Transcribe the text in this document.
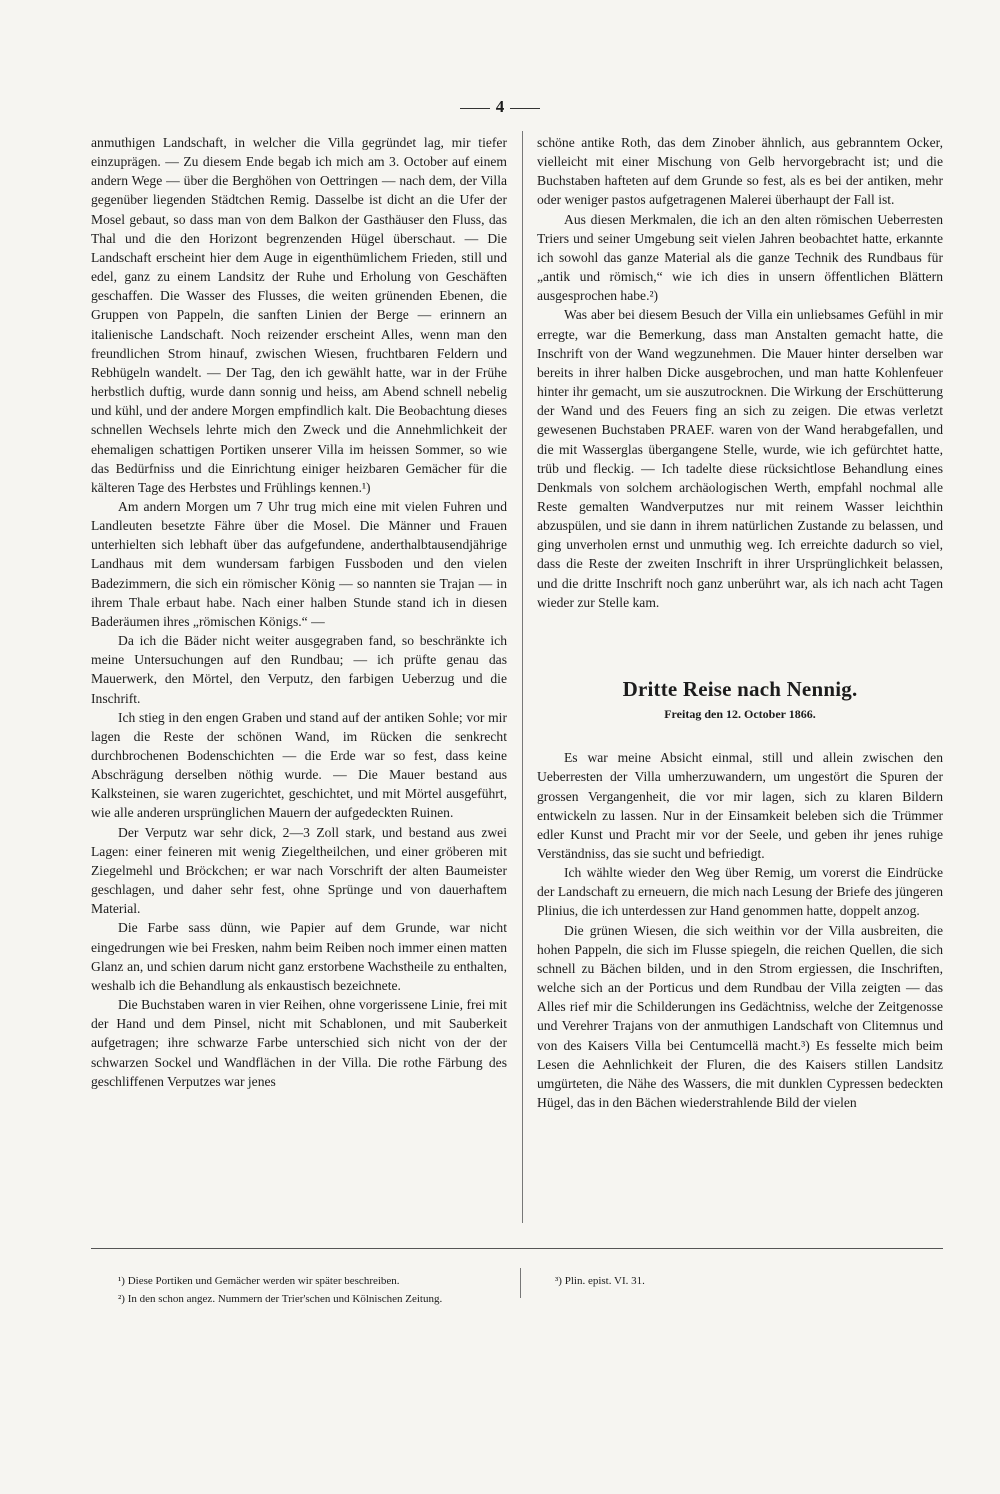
4

anmuthigen Landschaft, in welcher die Villa gegründet lag, mir tiefer einzuprägen. — Zu diesem Ende begab ich mich am 3. October auf einem andern Wege — über die Berghöhen von Oettringen — nach dem, der Villa gegenüber liegenden Städtchen Remig. Dasselbe ist dicht an die Ufer der Mosel gebaut, so dass man von dem Balkon der Gasthäuser den Fluss, das Thal und die den Horizont begrenzenden Hügel überschaut. — Die Landschaft erscheint hier dem Auge in eigenthümlichem Frieden, still und edel, ganz zu einem Landsitz der Ruhe und Erholung von Geschäften geschaffen. Die Wasser des Flusses, die weiten grünenden Ebenen, die Gruppen von Pappeln, die sanften Linien der Berge — erinnern an italienische Landschaft. Noch reizender erscheint Alles, wenn man den freundlichen Strom hinauf, zwischen Wiesen, fruchtbaren Feldern und Rebhügeln wandelt. — Der Tag, den ich gewählt hatte, war in der Frühe herbstlich duftig, wurde dann sonnig und heiss, am Abend schnell nebelig und kühl, und der andere Morgen empfindlich kalt. Die Beobachtung dieses schnellen Wechsels lehrte mich den Zweck und die Annehmlichkeit der ehemaligen schattigen Portiken unserer Villa im heissen Sommer, so wie das Bedürfniss und die Einrichtung einiger heizbaren Gemächer für die kälteren Tage des Herbstes und Frühlings kennen.¹)

Am andern Morgen um 7 Uhr trug mich eine mit vielen Fuhren und Landleuten besetzte Fähre über die Mosel. Die Männer und Frauen unterhielten sich lebhaft über das aufgefundene, anderthalbtausendjährige Landhaus mit dem wundersam farbigen Fussboden und den vielen Badezimmern, die sich ein römischer König — so nannten sie Trajan — in ihrem Thale erbaut habe. Nach einer halben Stunde stand ich in diesen Baderäumen ihres „römischen Königs.“ —

Da ich die Bäder nicht weiter ausgegraben fand, so beschränkte ich meine Untersuchungen auf den Rundbau; — ich prüfte genau das Mauerwerk, den Mörtel, den Verputz, den farbigen Ueberzug und die Inschrift.

Ich stieg in den engen Graben und stand auf der antiken Sohle; vor mir lagen die Reste der schönen Wand, im Rücken die senkrecht durchbrochenen Bodenschichten — die Erde war so fest, dass keine Abschrägung derselben nöthig wurde. — Die Mauer bestand aus Kalksteinen, sie waren zugerichtet, geschichtet, und mit Mörtel ausgeführt, wie alle anderen ursprünglichen Mauern der aufgedeckten Ruinen.

Der Verputz war sehr dick, 2—3 Zoll stark, und bestand aus zwei Lagen: einer feineren mit wenig Ziegeltheilchen, und einer gröberen mit Ziegelmehl und Bröckchen; er war nach Vorschrift der alten Baumeister geschlagen, und daher sehr fest, ohne Sprünge und von dauerhaftem Material.

Die Farbe sass dünn, wie Papier auf dem Grunde, war nicht eingedrungen wie bei Fresken, nahm beim Reiben noch immer einen matten Glanz an, und schien darum nicht ganz erstorbene Wachstheile zu enthalten, weshalb ich die Behandlung als enkaustisch bezeichnete.

Die Buchstaben waren in vier Reihen, ohne vorgerissene Linie, frei mit der Hand und dem Pinsel, nicht mit Schablonen, und mit Sauberkeit aufgetragen; ihre schwarze Farbe unterschied sich nicht von der der schwarzen Sockel und Wandflächen in der Villa. Die rothe Färbung des geschliffenen Verputzes war jenes

schöne antike Roth, das dem Zinober ähnlich, aus gebranntem Ocker, vielleicht mit einer Mischung von Gelb hervorgebracht ist; und die Buchstaben hafteten auf dem Grunde so fest, als es bei der antiken, mehr oder weniger pastos aufgetragenen Malerei überhaupt der Fall ist.

Aus diesen Merkmalen, die ich an den alten römischen Ueberresten Triers und seiner Umgebung seit vielen Jahren beobachtet hatte, erkannte ich sowohl das ganze Material als die ganze Technik des Rundbaus für „antik und römisch,“ wie ich dies in unsern öffentlichen Blättern ausgesprochen habe.²)

Was aber bei diesem Besuch der Villa ein unliebsames Gefühl in mir erregte, war die Bemerkung, dass man Anstalten gemacht hatte, die Inschrift von der Wand wegzunehmen. Die Mauer hinter derselben war bereits in ihrer halben Dicke ausgebrochen, und man hatte Kohlenfeuer hinter ihr gemacht, um sie auszutrocknen. Die Wirkung der Erschütterung der Wand und des Feuers fing an sich zu zeigen. Die etwas verletzt gewesenen Buchstaben PRAEF. waren von der Wand herabgefallen, und die mit Wasserglas übergangene Stelle, wurde, wie ich gefürchtet hatte, trüb und fleckig. — Ich tadelte diese rücksichtlose Behandlung eines Denkmals von solchem archäologischen Werth, empfahl nochmal alle Reste gemalten Wandverputzes nur mit reinem Wasser leichthin abzuspülen, und sie dann in ihrem natürlichen Zustande zu belassen, und ging unverholen ernst und unmuthig weg. Ich erreichte dadurch so viel, dass die Reste der zweiten Inschrift in ihrer Ursprünglichkeit belassen, und die dritte Inschrift noch ganz unberührt war, als ich nach acht Tagen wieder zur Stelle kam.

Dritte Reise nach Nennig.
Freitag den 12. October 1866.

Es war meine Absicht einmal, still und allein zwischen den Ueberresten der Villa umherzuwandern, um ungestört die Spuren der grossen Vergangenheit, die vor mir lagen, sich zu klaren Bildern entwickeln zu lassen. Nur in der Einsamkeit beleben sich die Trümmer edler Kunst und Pracht mir vor der Seele, und geben ihr jenes ruhige Verständniss, das sie sucht und befriedigt.

Ich wählte wieder den Weg über Remig, um vorerst die Eindrücke der Landschaft zu erneuern, die mich nach Lesung der Briefe des jüngeren Plinius, die ich unterdessen zur Hand genommen hatte, doppelt anzog.

Die grünen Wiesen, die sich weithin vor der Villa ausbreiten, die hohen Pappeln, die sich im Flusse spiegeln, die reichen Quellen, die sich schnell zu Bächen bilden, und in den Strom ergiessen, die Inschriften, welche sich an der Porticus und dem Rundbau der Villa zeigten — das Alles rief mir die Schilderungen ins Gedächtniss, welche der Zeitgenosse und Verehrer Trajans von der anmuthigen Landschaft von Clitemnus und von des Kaisers Villa bei Centumcellä macht.³) Es fesselte mich beim Lesen die Aehnlichkeit der Fluren, die des Kaisers stillen Landsitz umgürteten, die Nähe des Wassers, die mit dunklen Cypressen bedeckten Hügel, das in den Bächen wiederstrahlende Bild der vielen

¹) Diese Portiken und Gemächer werden wir später beschreiben.

²) In den schon angez. Nummern der Trier'schen und Kölnischen Zeitung.

³) Plin. epist. VI. 31.
